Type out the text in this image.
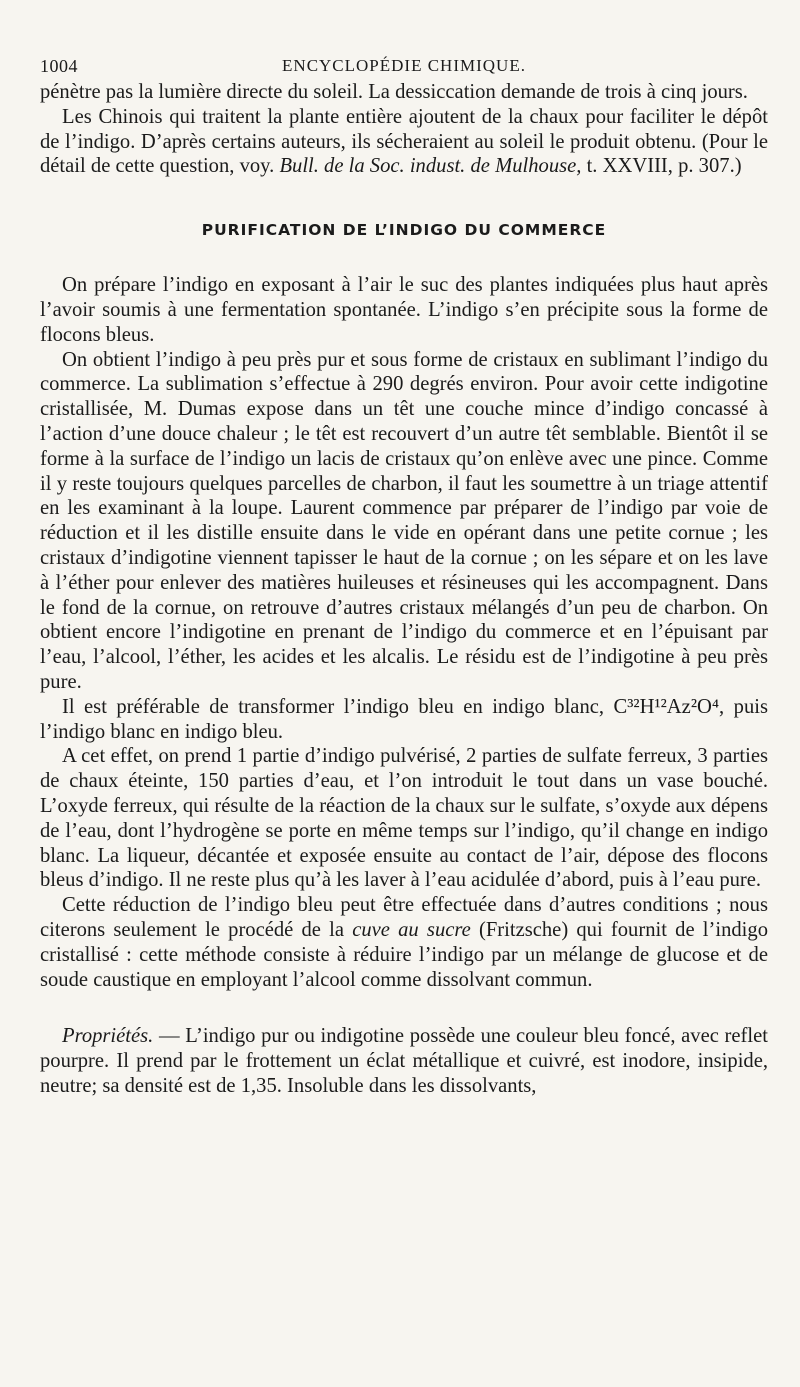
1004	ENCYCLOPÉDIE CHIMIQUE.

pénètre pas la lumière directe du soleil. La dessiccation demande de trois à cinq jours.

Les Chinois qui traitent la plante entière ajoutent de la chaux pour faciliter le dépôt de l’indigo. D’après certains auteurs, ils sécheraient au soleil le produit obtenu. (Pour le détail de cette question, voy. Bull. de la Soc. indust. de Mulhouse, t. XXVIII, p. 307.)

PURIFICATION DE L’INDIGO DU COMMERCE

On prépare l’indigo en exposant à l’air le suc des plantes indiquées plus haut après l’avoir soumis à une fermentation spontanée. L’indigo s’en précipite sous la forme de flocons bleus.

On obtient l’indigo à peu près pur et sous forme de cristaux en sublimant l’indigo du commerce. La sublimation s’effectue à 290 degrés environ. Pour avoir cette indigotine cristallisée, M. Dumas expose dans un têt une couche mince d’indigo concassé à l’action d’une douce chaleur ; le têt est recouvert d’un autre têt semblable. Bientôt il se forme à la surface de l’indigo un lacis de cristaux qu’on enlève avec une pince. Comme il y reste toujours quelques parcelles de charbon, il faut les soumettre à un triage attentif en les examinant à la loupe. Laurent commence par préparer de l’indigo par voie de réduction et il les distille ensuite dans le vide en opérant dans une petite cornue ; les cristaux d’indigotine viennent tapisser le haut de la cornue ; on les sépare et on les lave à l’éther pour enlever des matières huileuses et résineuses qui les accompagnent. Dans le fond de la cornue, on retrouve d’autres cristaux mélangés d’un peu de charbon. On obtient encore l’indigotine en prenant de l’indigo du commerce et en l’épuisant par l’eau, l’alcool, l’éther, les acides et les alcalis. Le résidu est de l’indigotine à peu près pure.

Il est préférable de transformer l’indigo bleu en indigo blanc, C³²H¹²Az²O⁴, puis l’indigo blanc en indigo bleu.

A cet effet, on prend 1 partie d’indigo pulvérisé, 2 parties de sulfate ferreux, 3 parties de chaux éteinte, 150 parties d’eau, et l’on introduit le tout dans un vase bouché. L’oxyde ferreux, qui résulte de la réaction de la chaux sur le sulfate, s’oxyde aux dépens de l’eau, dont l’hydrogène se porte en même temps sur l’indigo, qu’il change en indigo blanc. La liqueur, décantée et exposée ensuite au contact de l’air, dépose des flocons bleus d’indigo. Il ne reste plus qu’à les laver à l’eau acidulée d’abord, puis à l’eau pure.

Cette réduction de l’indigo bleu peut être effectuée dans d’autres conditions ; nous citerons seulement le procédé de la cuve au sucre (Fritzsche) qui fournit de l’indigo cristallisé : cette méthode consiste à réduire l’indigo par un mélange de glucose et de soude caustique en employant l’alcool comme dissolvant commun.

Propriétés. — L’indigo pur ou indigotine possède une couleur bleu foncé, avec reflet pourpre. Il prend par le frottement un éclat métallique et cuivré, est inodore, insipide, neutre; sa densité est de 1,35. Insoluble dans les dissolvants,
